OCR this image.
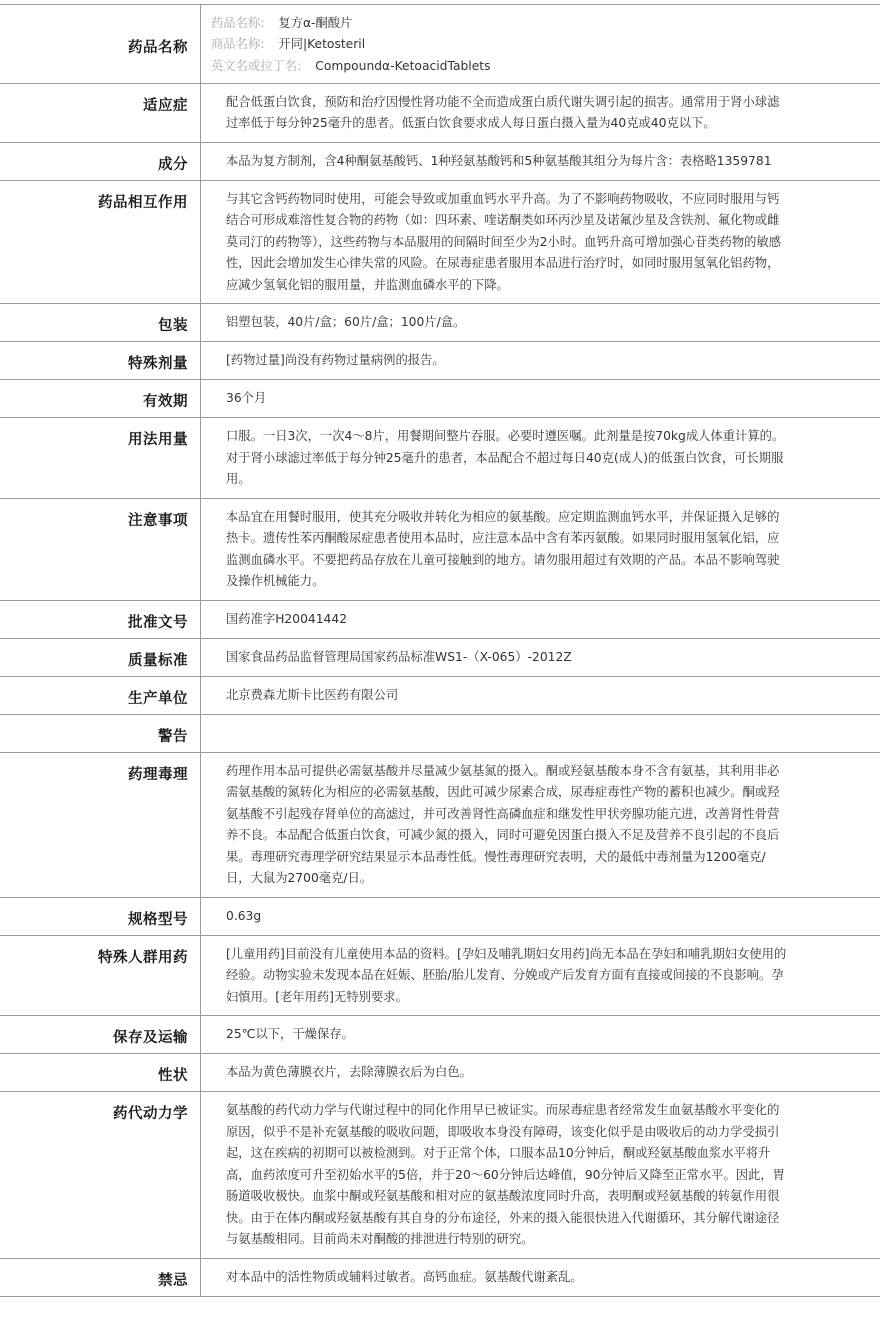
药品名称	药品名称: 复方α-酮酸片
商品名称: 开同|Ketosteril
英文名或拉丁名: Compoundα-KetoacidTablets

适应症	配合低蛋白饮食，预防和治疗因慢性肾功能不全而造成蛋白质代谢失调引起的损害。通常用于肾小球滤过率低于每分钟25毫升的患者。低蛋白饮食要求成人每日蛋白摄入量为40克或40克以下。

成分	本品为复方制剂，含4种酮氨基酸钙、1种羟氨基酸钙和5种氨基酸其组分为每片含：表格略1359781

药品相互作用	与其它含钙药物同时使用，可能会导致或加重血钙水平升高。为了不影响药物吸收，不应同时服用与钙结合可形成难溶性复合物的药物（如：四环素、喹诺酮类如环丙沙星及诺氟沙星及含铁剂、氟化物或雌莫司汀的药物等），这些药物与本品服用的间隔时间至少为2小时。血钙升高可增加强心苷类药物的敏感性，因此会增加发生心律失常的风险。在尿毒症患者服用本品进行治疗时，如同时服用氢氧化铝药物，应减少氢氧化铝的服用量，并监测血磷水平的下降。

包装	铝塑包装，40片/盒；60片/盒；100片/盒。

特殊剂量	[药物过量]尚没有药物过量病例的报告。

有效期	36个月

用法用量	口服。一日3次，一次4～8片，用餐期间整片吞服。必要时遵医嘱。此剂量是按70kg成人体重计算的。对于肾小球滤过率低于每分钟25毫升的患者，本品配合不超过每日40克(成人)的低蛋白饮食，可长期服用。

注意事项	本品宜在用餐时服用，使其充分吸收并转化为相应的氨基酸。应定期监测血钙水平，并保证摄入足够的热卡。遗传性苯丙酮酸尿症患者使用本品时，应注意本品中含有苯丙氨酸。如果同时服用氢氧化铝，应监测血磷水平。不要把药品存放在儿童可接触到的地方。请勿服用超过有效期的产品。本品不影响驾驶及操作机械能力。

批准文号	国药准字H20041442

质量标准	国家食品药品监督管理局国家药品标准WS1-（X-065）-2012Z

生产单位	北京费森尤斯卡比医药有限公司

警告	

药理毒理	药理作用本品可提供必需氨基酸并尽量减少氨基氮的摄入。酮或羟氨基酸本身不含有氨基，其利用非必需氨基酸的氮转化为相应的必需氨基酸，因此可减少尿素合成，尿毒症毒性产物的蓄积也减少。酮或羟氨基酸不引起残存肾单位的高滤过，并可改善肾性高磷血症和继发性甲状旁腺功能亢进，改善肾性骨营养不良。本品配合低蛋白饮食，可减少氮的摄入，同时可避免因蛋白摄入不足及营养不良引起的不良后果。毒理研究毒理学研究结果显示本品毒性低。慢性毒理研究表明，犬的最低中毒剂量为1200毫克/日，大鼠为2700毫克/日。

规格型号	0.63g

特殊人群用药	[儿童用药]目前没有儿童使用本品的资料。[孕妇及哺乳期妇女用药]尚无本品在孕妇和哺乳期妇女使用的经验。动物实验未发现本品在妊娠、胚胎/胎儿发育、分娩或产后发育方面有直接或间接的不良影响。孕妇慎用。[老年用药]无特别要求。

保存及运输	25℃以下，干燥保存。

性状	本品为黄色薄膜衣片，去除薄膜衣后为白色。

药代动力学	氨基酸的药代动力学与代谢过程中的同化作用早已被证实。而尿毒症患者经常发生血氨基酸水平变化的原因，似乎不是补充氨基酸的吸收问题，即吸收本身没有障碍，该变化似乎是由吸收后的动力学受损引起，这在疾病的初期可以被检测到。对于正常个体，口服本品10分钟后，酮或羟氨基酸血浆水平将升高，血药浓度可升至初始水平的5倍，并于20～60分钟后达峰值，90分钟后又降至正常水平。因此，胃肠道吸收极快。血浆中酮或羟氨基酸和相对应的氨基酸浓度同时升高，表明酮或羟氨基酸的转氨作用很快。由于在体内酮或羟氨基酸有其自身的分布途径，外来的摄入能很快进入代谢循环，其分解代谢途径与氨基酸相同。目前尚未对酮酸的排泄进行特别的研究。

禁忌	对本品中的活性物质或辅料过敏者。高钙血症。氨基酸代谢紊乱。
